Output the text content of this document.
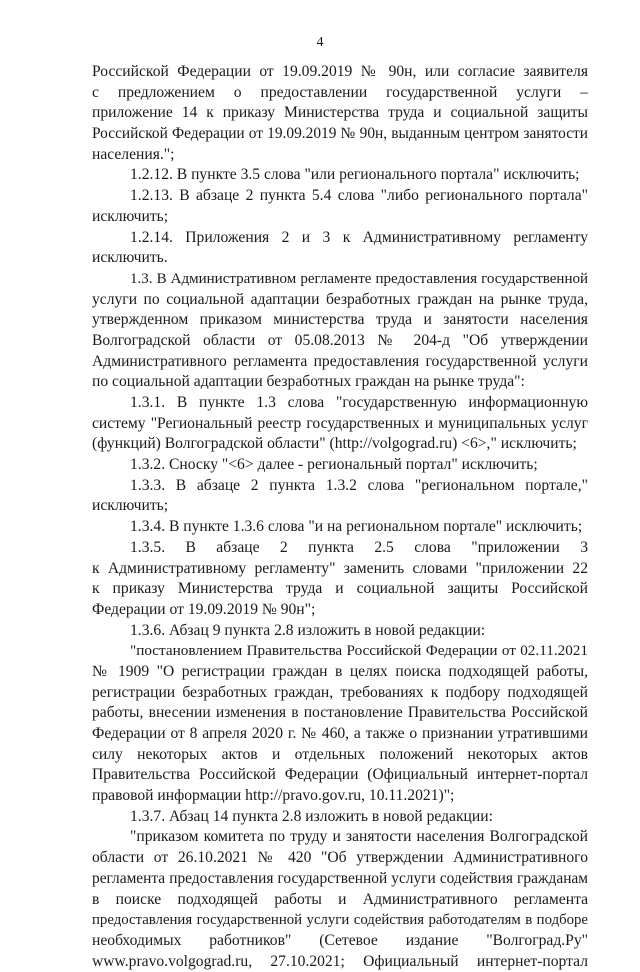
4
Российской Федерации от 19.09.2019 № 90н, или согласие заявителя
с предложением о предоставлении государственной услуги –
приложение 14 к приказу Министерства труда и социальной защиты
Российской Федерации от 19.09.2019 № 90н, выданным центром занятости
населения.";
1.2.12. В пункте 3.5 слова "или регионального портала" исключить;
1.2.13. В абзаце 2 пункта 5.4 слова "либо регионального портала"
исключить;
1.2.14. Приложения 2 и 3 к Административному регламенту
исключить.
1.3. В Административном регламенте предоставления государственной
услуги по социальной адаптации безработных граждан на рынке труда,
утвержденном приказом министерства труда и занятости населения
Волгоградской области от 05.08.2013 № 204-д "Об утверждении
Административного регламента предоставления государственной услуги
по социальной адаптации безработных граждан на рынке труда":
1.3.1. В пункте 1.3 слова "государственную информационную
систему "Региональный реестр государственных и муниципальных услуг
(функций) Волгоградской области" (http://volgograd.ru) <6>," исключить;
1.3.2. Сноску "<6> далее - региональный портал" исключить;
1.3.3. В абзаце 2 пункта 1.3.2 слова "региональном портале,"
исключить;
1.3.4. В пункте 1.3.6 слова "и на региональном портале" исключить;
1.3.5. В абзаце 2 пункта 2.5 слова "приложении 3
к Административному регламенту" заменить словами "приложении 22
к приказу Министерства труда и социальной защиты Российской
Федерации от 19.09.2019 № 90н";
1.3.6. Абзац 9 пункта 2.8 изложить в новой редакции:
"постановлением Правительства Российской Федерации от 02.11.2021
№ 1909 "О регистрации граждан в целях поиска подходящей работы,
регистрации безработных граждан, требованиях к подбору подходящей
работы, внесении изменения в постановление Правительства Российской
Федерации от 8 апреля 2020 г. № 460, а также о признании утратившими
силу некоторых актов и отдельных положений некоторых актов
Правительства Российской Федерации (Официальный интернет-портал
правовой информации http://pravo.gov.ru, 10.11.2021)";
1.3.7. Абзац 14 пункта 2.8 изложить в новой редакции:
"приказом комитета по труду и занятости населения Волгоградской
области от 26.10.2021 № 420 "Об утверждении Административного
регламента предоставления государственной услуги содействия гражданам
в поиске подходящей работы и Административного регламента
предоставления государственной услуги содействия работодателям в подборе
необходимых работников" (Сетевое издание "Волгоград.Ру"
www.pravo.volgograd.ru, 27.10.2021; Официальный интернет-портал
